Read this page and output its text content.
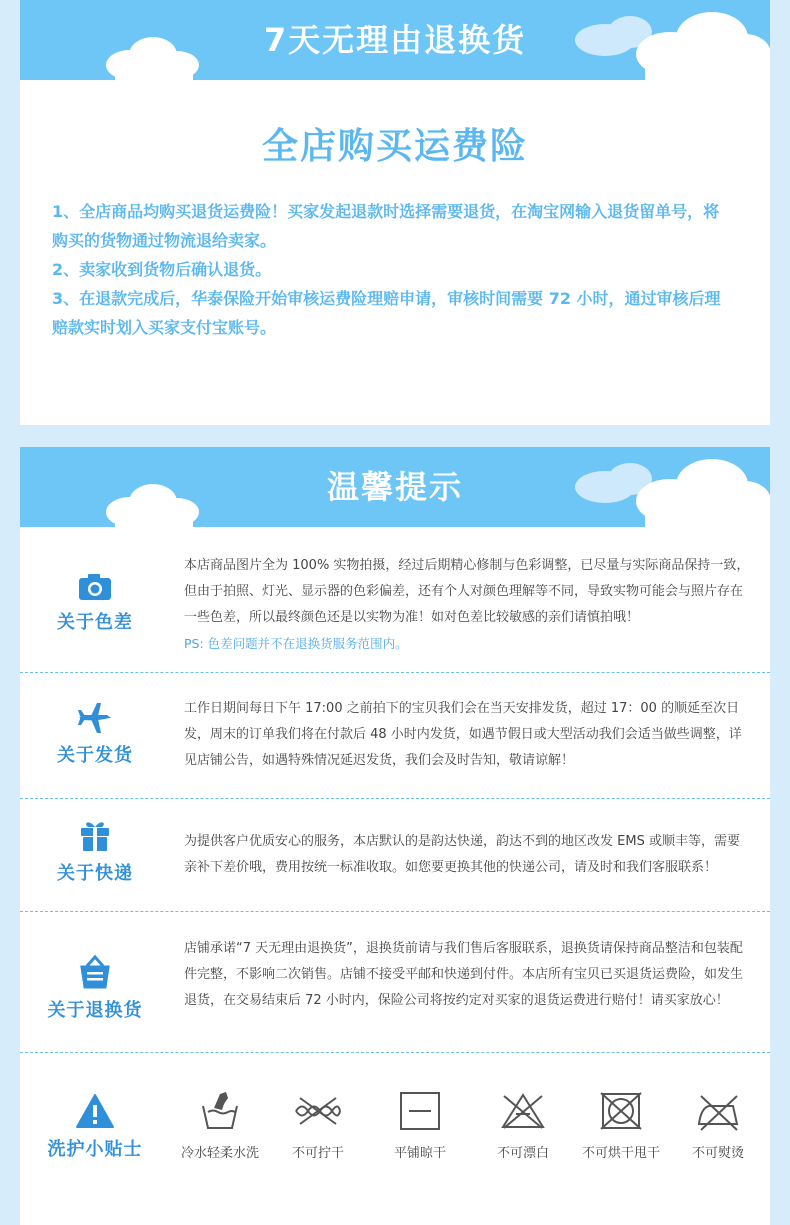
7天无理由退换货
全店购买运费险
1、全店商品均购买退货运费险！买家发起退款时选择需要退货，在淘宝网输入退货留单号，将购买的货物通过物流退给卖家。
2、卖家收到货物后确认退货。
3、在退款完成后，华泰保险开始审核运费险理赔申请，审核时间需要 72 小时，通过审核后理赔款实时划入买家支付宝账号。
温馨提示
关于色差
本店商品图片全为 100% 实物拍摄，经过后期精心修制与色彩调整，已尽量与实际商品保持一致，但由于拍照、灯光、显示器的色彩偏差，还有个人对颜色理解等不同，导致实物可能会与照片存在一些色差，所以最终颜色还是以实物为准！如对色差比较敏感的亲们请慎拍哦！
PS: 色差问题并不在退换货服务范围内。
关于发货
工作日期间每日下午 17:00 之前拍下的宝贝我们会在当天安排发货，超过 17：00 的顺延至次日发，周末的订单我们将在付款后 48 小时内发货，如遇节假日或大型活动我们会适当做些调整，详见店铺公告，如遇特殊情况延迟发货，我们会及时告知，敬请谅解！
关于快递
为提供客户优质安心的服务，本店默认的是韵达快递，韵达不到的地区改发 EMS 或顺丰等，需要亲补下差价哦，费用按统一标准收取。如您要更换其他的快递公司，请及时和我们客服联系！
关于退换货
店铺承诺“7 天无理由退换货”，退换货前请与我们售后客服联系，退换货请保持商品整洁和包装配件完整，不影响二次销售。店铺不接受平邮和快递到付件。本店所有宝贝已买退货运费险，如发生退货，在交易结束后 72 小时内，保险公司将按约定对买家的退货运费进行赔付！请买家放心！
洗护小贴士	冷水轻柔水洗	不可拧干	平铺晾干	不可漂白	不可烘干甩干	不可熨烫
